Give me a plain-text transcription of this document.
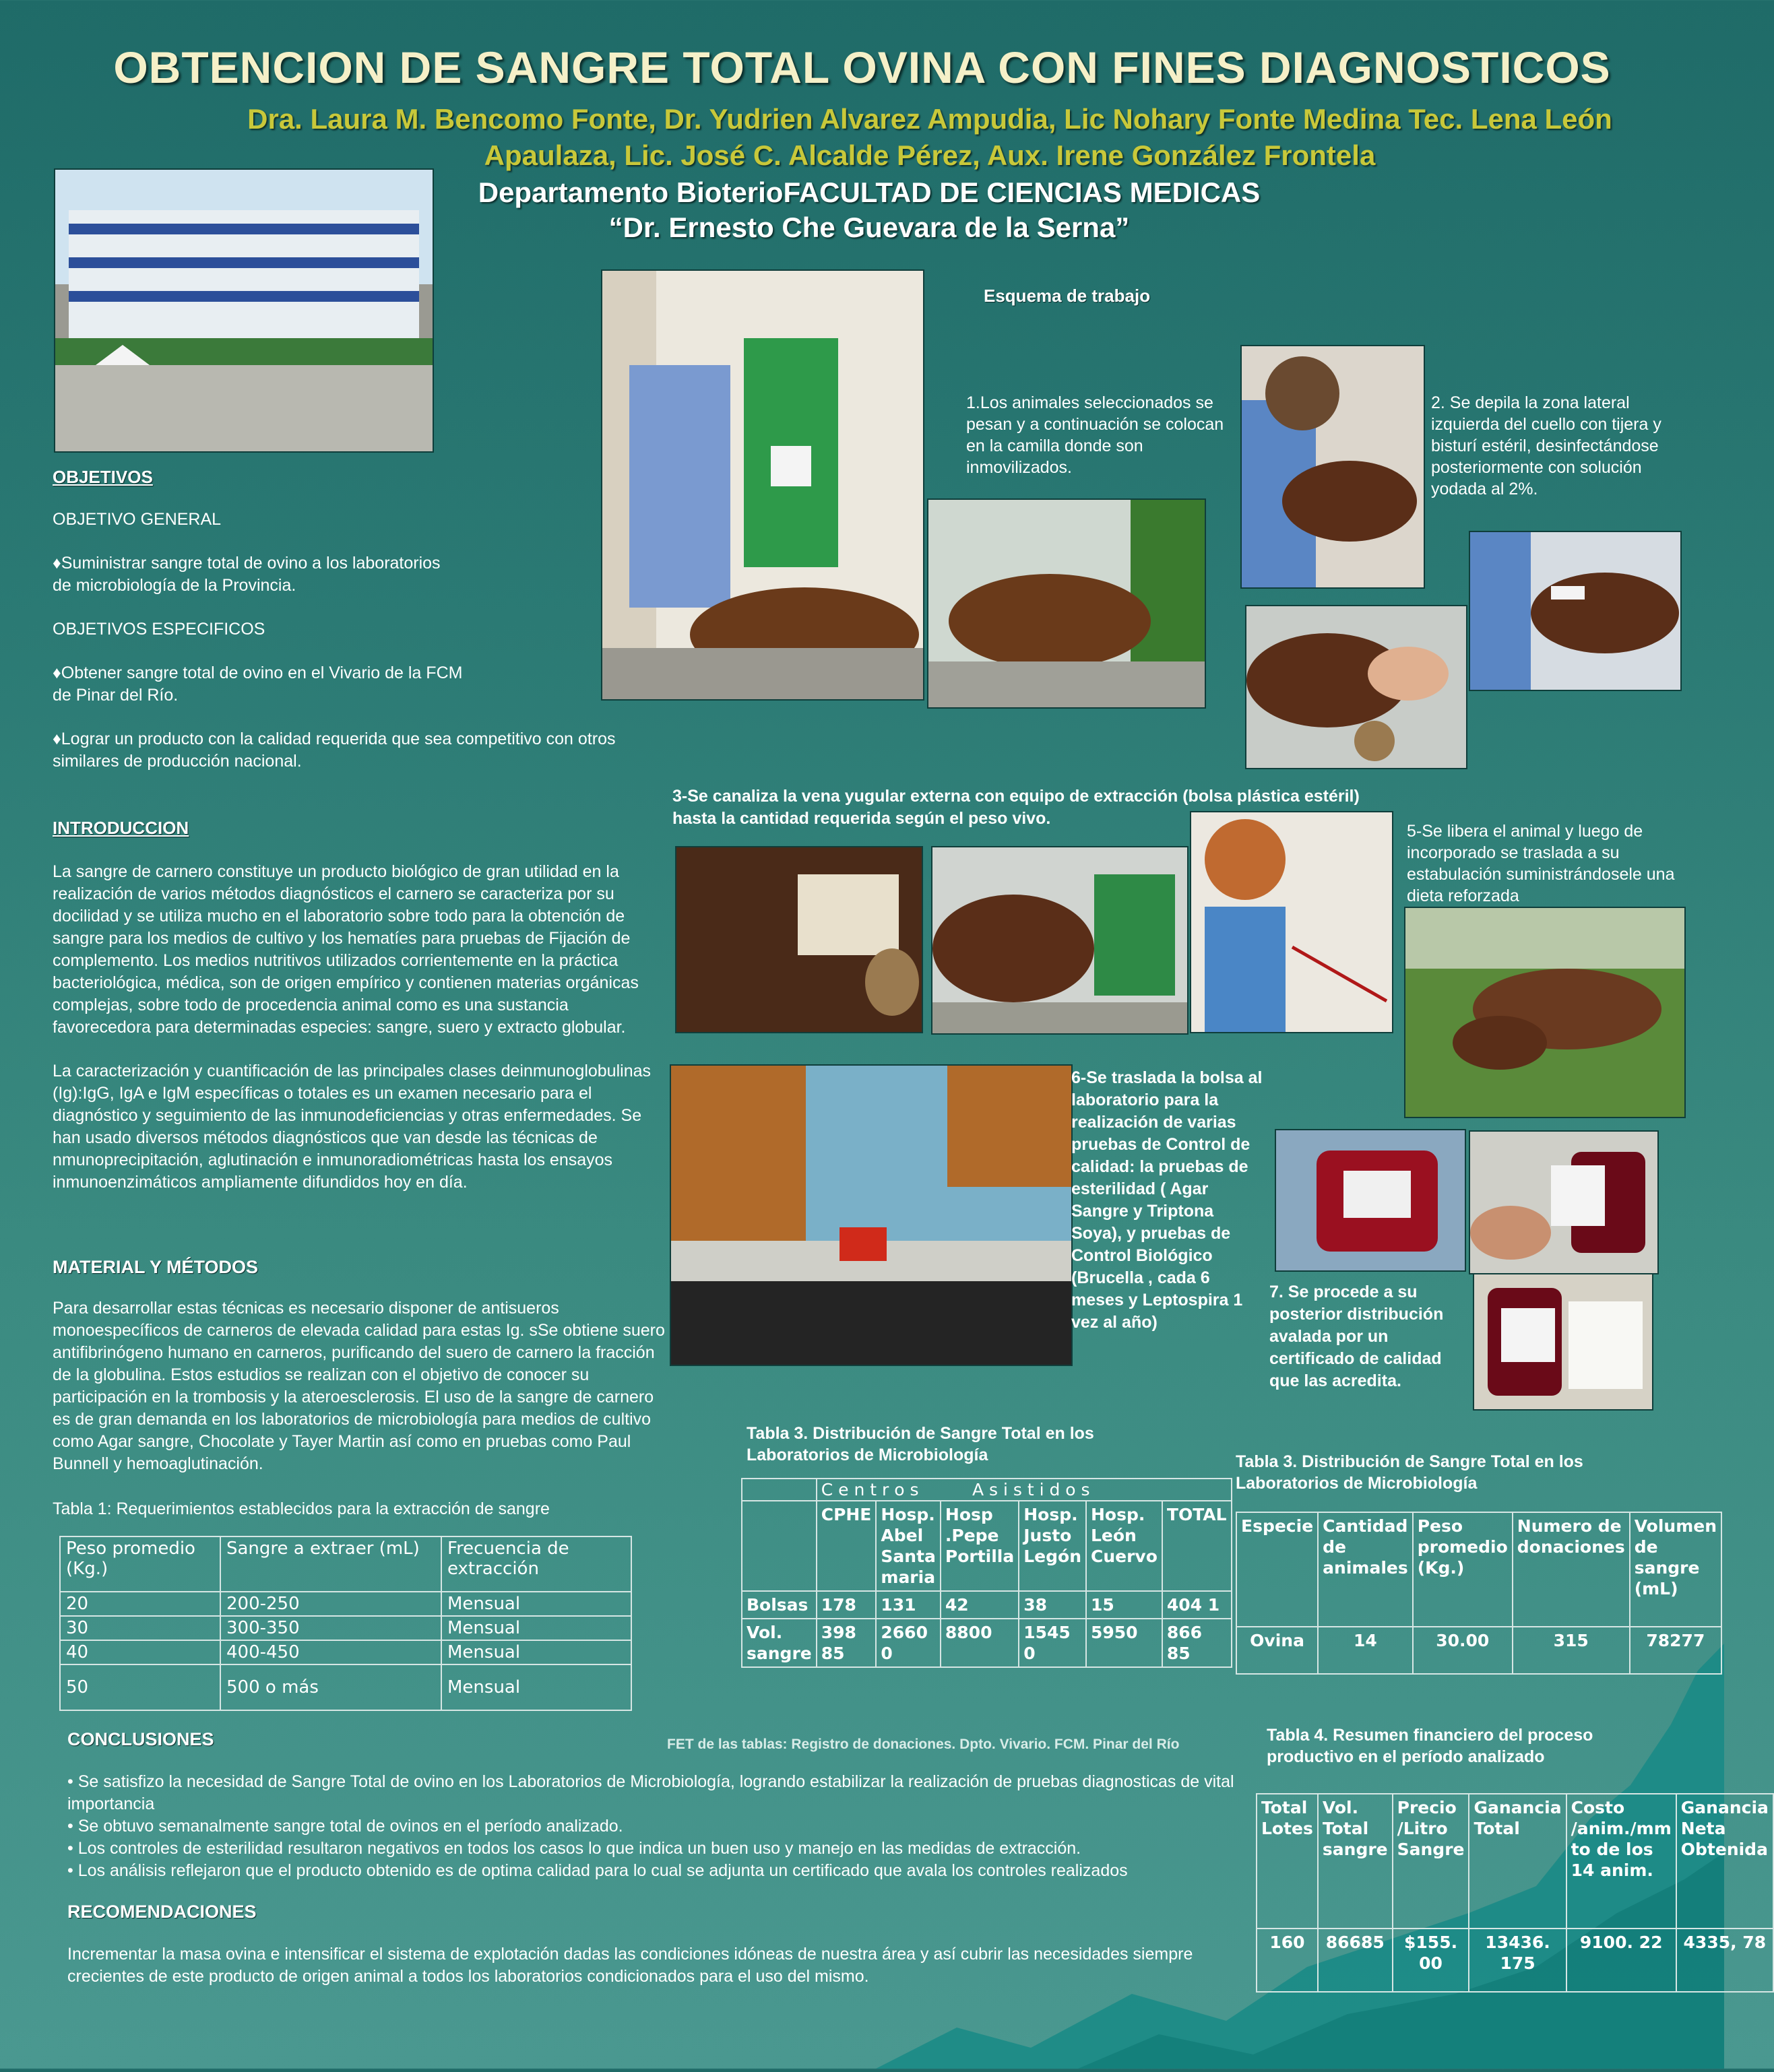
OBTENCION DE SANGRE TOTAL OVINA CON FINES DIAGNOSTICOS
Dra. Laura M. Bencomo Fonte, Dr. Yudrien Alvarez Ampudia, Lic Nohary Fonte Medina Tec. Lena León
Apaulaza, Lic. José C. Alcalde Pérez, Aux. Irene González Frontela
Departamento BioterioFACULTAD DE CIENCIAS MEDICAS
“Dr. Ernesto Che Guevara de la Serna”
OBJETIVOS
OBJETIVO GENERAL
♦Suministrar sangre total de ovino a los laboratorios de microbiología de la Provincia.
OBJETIVOS ESPECIFICOS
♦Obtener sangre total de ovino en el Vivario de la FCM de Pinar del Río.
♦Lograr un producto con la calidad requerida que sea competitivo con otros similares de producción nacional.
INTRODUCCION
La sangre de carnero constituye un producto biológico de gran utilidad en la realización de varios métodos diagnósticos el carnero se caracteriza por su docilidad y se utiliza mucho en el laboratorio sobre todo para la obtención de sangre para los medios de cultivo y los hematíes para pruebas de Fijación de complemento. Los medios nutritivos utilizados corrientemente en la práctica bacteriológica, médica, son de origen empírico y contienen materias orgánicas complejas, sobre todo de procedencia animal como es una sustancia favorecedora para determinadas especies: sangre, suero y extracto globular.
La caracterización y cuantificación de las principales clases deinmunoglobulinas (Ig):IgG, IgA e IgM específicas o totales es un examen necesario para el diagnóstico y seguimiento de las inmunodeficiencias y otras enfermedades. Se han usado diversos métodos diagnósticos que van desde las técnicas de nmunoprecipitación, aglutinación e inmunoradiométricas hasta los ensayos inmunoenzimáticos ampliamente difundidos hoy en día.
MATERIAL Y MÉTODOS
Para desarrollar estas técnicas es necesario disponer de antisueros monoespecíficos de carneros de elevada calidad para estas Ig. sSe obtiene suero antifibrinógeno humano en carneros, purificando del suero de carnero la fracción de la globulina. Estos estudios se realizan con el objetivo de conocer su participación en la trombosis y la ateroesclerosis. El uso de la sangre de carnero es de gran demanda en los laboratorios de microbiología para medios de cultivo como Agar sangre, Chocolate y Tayer Martin así como en pruebas como Paul Bunnell y hemoaglutinación.
Tabla 1: Requerimientos establecidos para la extracción de sangre
Peso promedio (Kg.)	Sangre a extraer (mL)	Frecuencia de extracción
20	200-250	Mensual
30	300-350	Mensual
40	400-450	Mensual
50	500 o más	Mensual
Esquema de trabajo
1.Los animales seleccionados se pesan y a continuación se colocan en la camilla donde son inmovilizados.
2. Se depila la zona lateral izquierda del cuello con tijera y bisturí estéril, desinfectándose posteriormente con solución yodada al 2%.
3-Se canaliza la vena yugular externa con equipo de extracción (bolsa plástica estéril) hasta la cantidad requerida según el peso vivo.
5-Se libera el animal y luego de incorporado se traslada a su estabulación suministrándosele una dieta reforzada
6-Se traslada la bolsa al laboratorio para la realización de varias pruebas de Control de calidad: la pruebas de esterilidad ( Agar Sangre y Triptona Soya), y pruebas de Control Biológico (Brucella , cada 6 meses y Leptospira 1 vez al año)
7. Se procede a su posterior distribución avalada por un certificado de calidad que las acredita.
Tabla 3. Distribución de Sangre Total en los Laboratorios de Microbiología
	C e n t r o s          A s i s t i d o s					
	CPHE	Hosp. Abel Santa maria	Hosp .Pepe Portilla	Hosp. Justo Legón	Hosp. León Cuervo	TOTAL
Bolsas	178	131	42	38	15	404 1
Vol. sangre	398 85	2660 0	8800	1545 0	5950	866 85
FET de las tablas: Registro de donaciones. Dpto. Vivario. FCM. Pinar del Río
Tabla 3. Distribución de Sangre Total en los Laboratorios de Microbiología
Especie	Cantidad de animales	Peso promedio (Kg.)	Numero de donaciones	Volumen de sangre (mL)
Ovina	14	30.00	315	78277
Tabla 4. Resumen financiero del proceso productivo en el período analizado
Total Lotes	Vol. Total sangre	Precio /Litro Sangre	Ganancia Total	Costo /anim./mm to de los 14 anim.	Ganancia Neta Obtenida
160	86685	$155. 00	13436. 175	9100. 22	4335, 78
CONCLUSIONES
• Se satisfizo la necesidad de Sangre Total de ovino en los Laboratorios de Microbiología, logrando estabilizar la realización de pruebas diagnosticas de vital importancia
• Se obtuvo semanalmente sangre total de ovinos en el período analizado.
• Los controles de esterilidad resultaron negativos en todos los casos lo que indica un buen uso y manejo en las medidas de extracción.
• Los análisis reflejaron que el producto obtenido es de optima calidad para lo cual se adjunta un certificado que avala los controles realizados
RECOMENDACIONES
Incrementar la masa ovina e intensificar el sistema de explotación dadas las condiciones idóneas de nuestra área y así cubrir las necesidades siempre crecientes de este producto de origen animal a todos los laboratorios condicionados para el uso del mismo.
